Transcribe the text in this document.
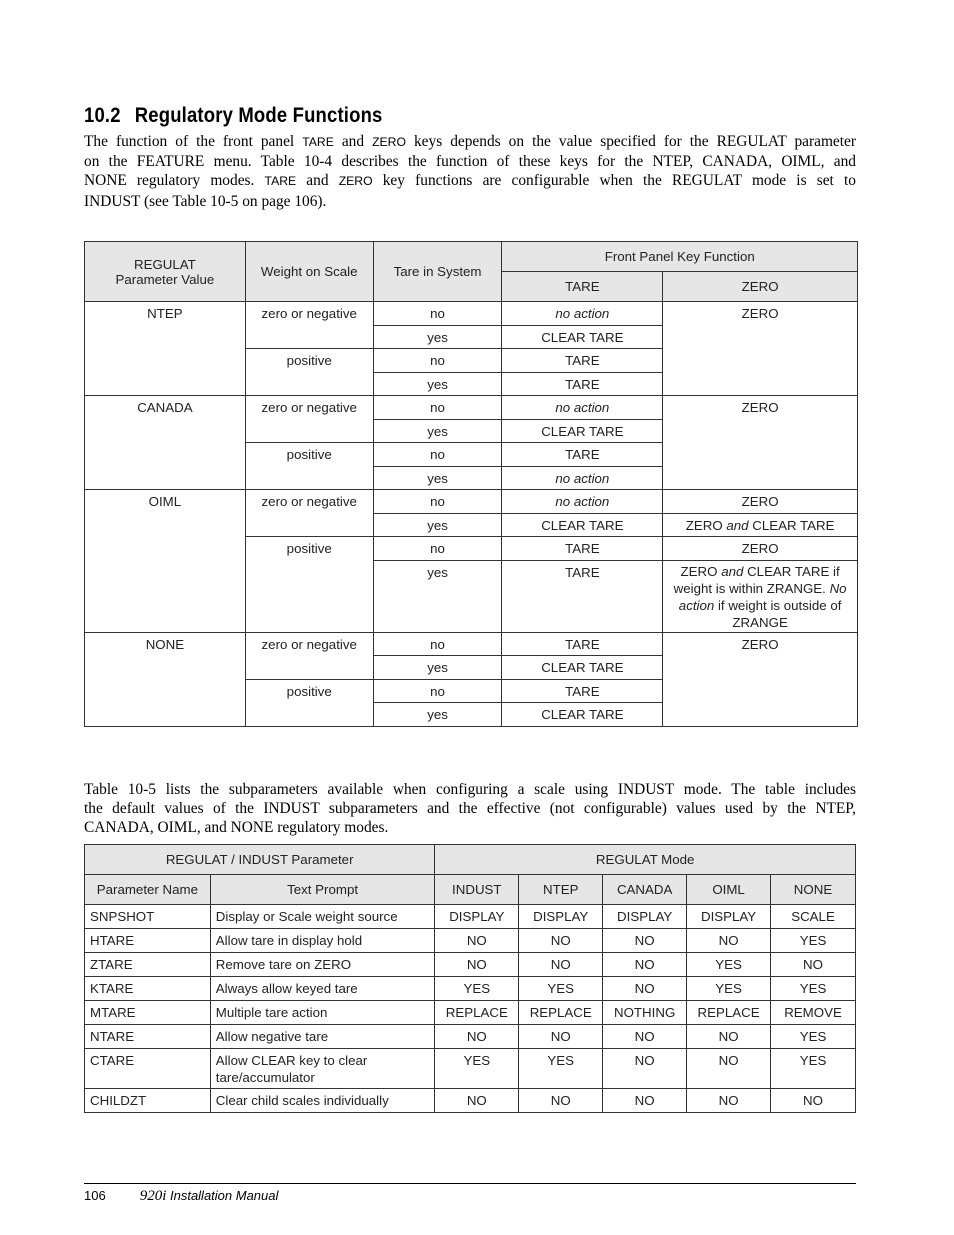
10.2 Regulatory Mode Functions
The function of the front panel TARE and ZERO keys depends on the value specified for the REGULAT parameter
on the FEATURE menu. Table 10-4 describes the function of these keys for the NTEP, CANADA, OIML, and
NONE regulatory modes. TARE and ZERO key functions are configurable when the REGULAT mode is set to
INDUST (see Table 10-5 on page 106).
REGULAT
Parameter Value	Weight on Scale	Tare in System	Front Panel Key Function	
			TARE	ZERO
NTEP	zero or negative	no	no action	ZERO
		yes	CLEAR TARE	
	positive	no	TARE	
		yes	TARE	
CANADA	zero or negative	no	no action	ZERO
		yes	CLEAR TARE	
	positive	no	TARE	
		yes	no action	
OIML	zero or negative	no	no action	ZERO
		yes	CLEAR TARE	ZERO and CLEAR TARE
	positive	no	TARE	ZERO
		yes	TARE	ZERO and CLEAR TARE if weight is within ZRANGE. No action if weight is outside of ZRANGE
NONE	zero or negative	no	TARE	ZERO
		yes	CLEAR TARE	
	positive	no	TARE	
		yes	CLEAR TARE	
Table 10-5 lists the subparameters available when configuring a scale using INDUST mode. The table includes
the default values of the INDUST subparameters and the effective (not configurable) values used by the NTEP,
CANADA, OIML, and NONE regulatory modes.
REGULAT / INDUST Parameter		REGULAT Mode				
Parameter Name	Text Prompt	INDUST	NTEP	CANADA	OIML	NONE
SNPSHOT	Display or Scale weight source	DISPLAY	DISPLAY	DISPLAY	DISPLAY	SCALE
HTARE	Allow tare in display hold	NO	NO	NO	NO	YES
ZTARE	Remove tare on ZERO	NO	NO	NO	YES	NO
KTARE	Always allow keyed tare	YES	YES	NO	YES	YES
MTARE	Multiple tare action	REPLACE	REPLACE	NOTHING	REPLACE	REMOVE
NTARE	Allow negative tare	NO	NO	NO	NO	YES
CTARE	Allow CLEAR key to clear tare/accumulator	YES	YES	NO	NO	YES
CHILDZT	Clear child scales individually	NO	NO	NO	NO	NO
106 920i Installation Manual
